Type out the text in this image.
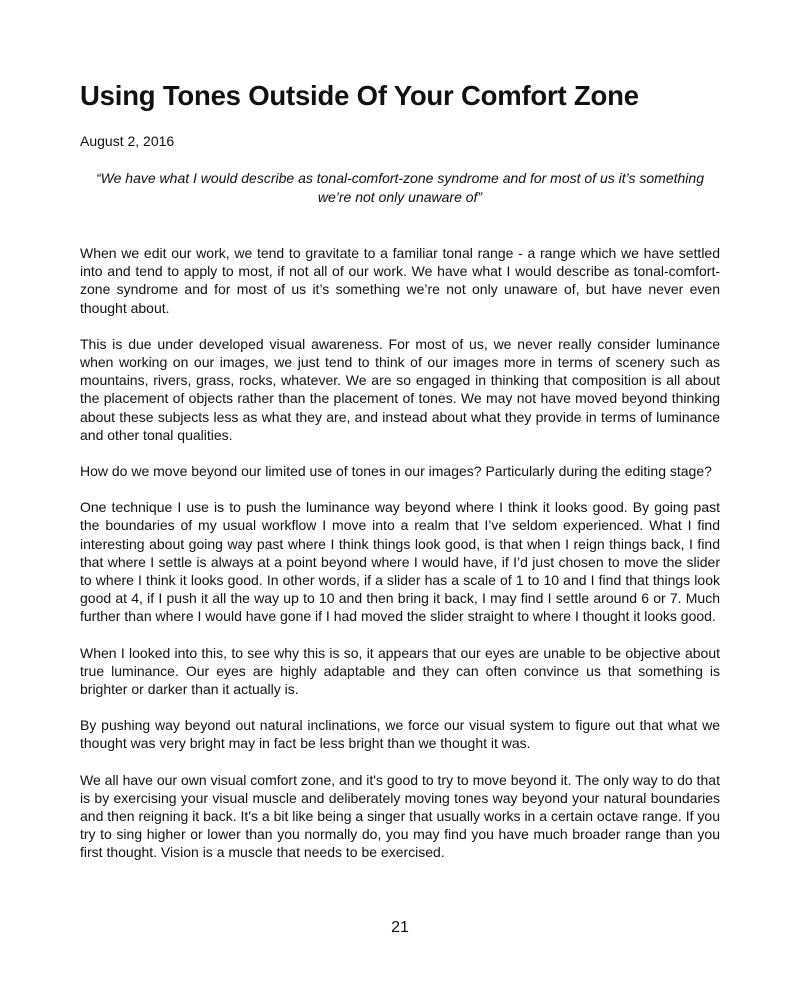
Using Tones Outside Of Your Comfort Zone
August 2, 2016
“We have what I would describe as tonal-comfort-zone syndrome and for most of us it’s something we’re not only unaware of”

When we edit our work, we tend to gravitate to a familiar tonal range - a range which we have settled into and tend to apply to most, if not all of our work. We have what I would describe as tonal-comfort-zone syndrome and for most of us it’s something we’re not only unaware of, but have never even thought about.

This is due under developed visual awareness. For most of us, we never really consider luminance when working on our images, we just tend to think of our images more in terms of scenery such as mountains, rivers, grass, rocks, whatever. We are so engaged in thinking that composition is all about the placement of objects rather than the placement of tones. We may not have moved beyond thinking about these subjects less as what they are, and instead about what they provide in terms of luminance and other tonal qualities.

How do we move beyond our limited use of tones in our images? Particularly during the editing stage?

One technique I use is to push the luminance way beyond where I think it looks good. By going past the boundaries of my usual workflow I move into a realm that I’ve seldom experienced. What I find interesting about going way past where I think things look good, is that when I reign things back, I find that where I settle is always at a point beyond where I would have, if I’d just chosen to move the slider to where I think it looks good. In other words, if a slider has a scale of 1 to 10 and I find that things look good at 4, if I push it all the way up to 10 and then bring it back, I may find I settle around 6 or 7. Much further than where I would have gone if I had moved the slider straight to where I thought it looks good.

When I looked into this, to see why this is so, it appears that our eyes are unable to be objective about true luminance. Our eyes are highly adaptable and they can often convince us that something is brighter or darker than it actually is.

By pushing way beyond out natural inclinations, we force our visual system to figure out that what we thought was very bright may in fact be less bright than we thought it was.

We all have our own visual comfort zone, and it's good to try to move beyond it. The only way to do that is by exercising your visual muscle and deliberately moving tones way beyond your natural boundaries and then reigning it back. It's a bit like being a singer that usually works in a certain octave range. If you try to sing higher or lower than you normally do, you may find you have much broader range than you first thought. Vision is a muscle that needs to be exercised.

21
